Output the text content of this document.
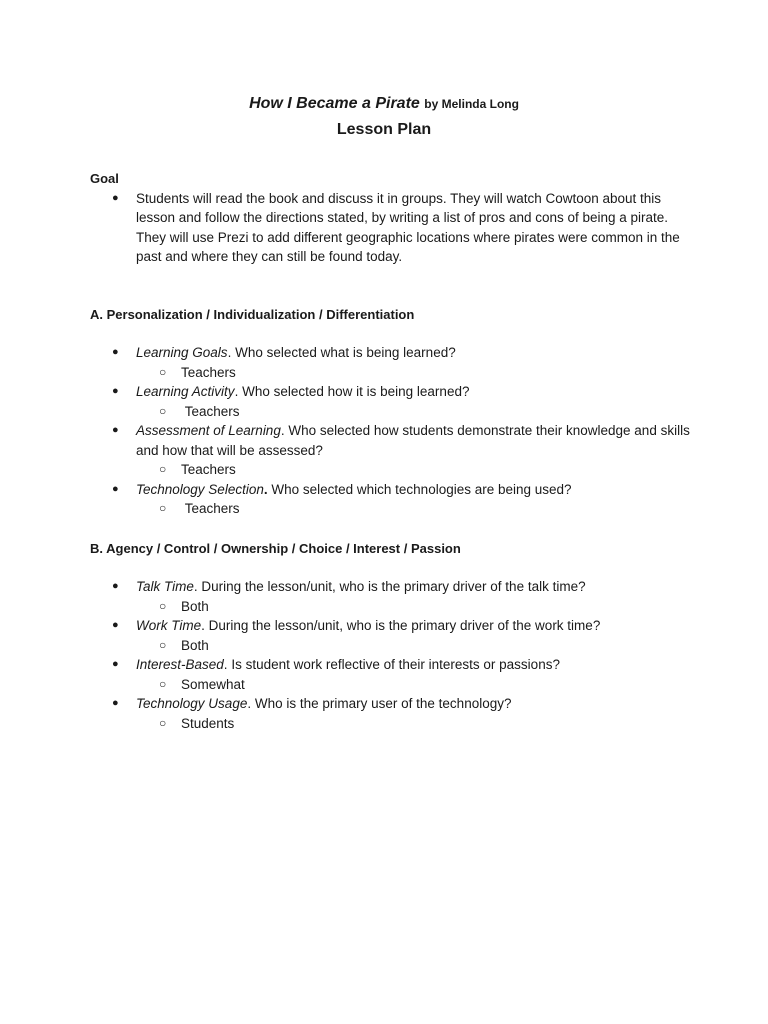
How I Became a Pirate by Melinda Long
Lesson Plan
Goal
● Students will read the book and discuss it in groups. They will watch Cowtoon about this lesson and follow the directions stated, by writing a list of pros and cons of being a pirate. They will use Prezi to add different geographic locations where pirates were common in the past and where they can still be found today.
A. Personalization / Individualization / Differentiation
● Learning Goals. Who selected what is being learned?
○ Teachers
● Learning Activity. Who selected how it is being learned?
○ Teachers
● Assessment of Learning. Who selected how students demonstrate their knowledge and skills and how that will be assessed?
○ Teachers
● Technology Selection. Who selected which technologies are being used?
○ Teachers
B. Agency / Control / Ownership / Choice / Interest / Passion
● Talk Time. During the lesson/unit, who is the primary driver of the talk time?
○ Both
● Work Time. During the lesson/unit, who is the primary driver of the work time?
○ Both
● Interest-Based. Is student work reflective of their interests or passions?
○ Somewhat
● Technology Usage. Who is the primary user of the technology?
○ Students
